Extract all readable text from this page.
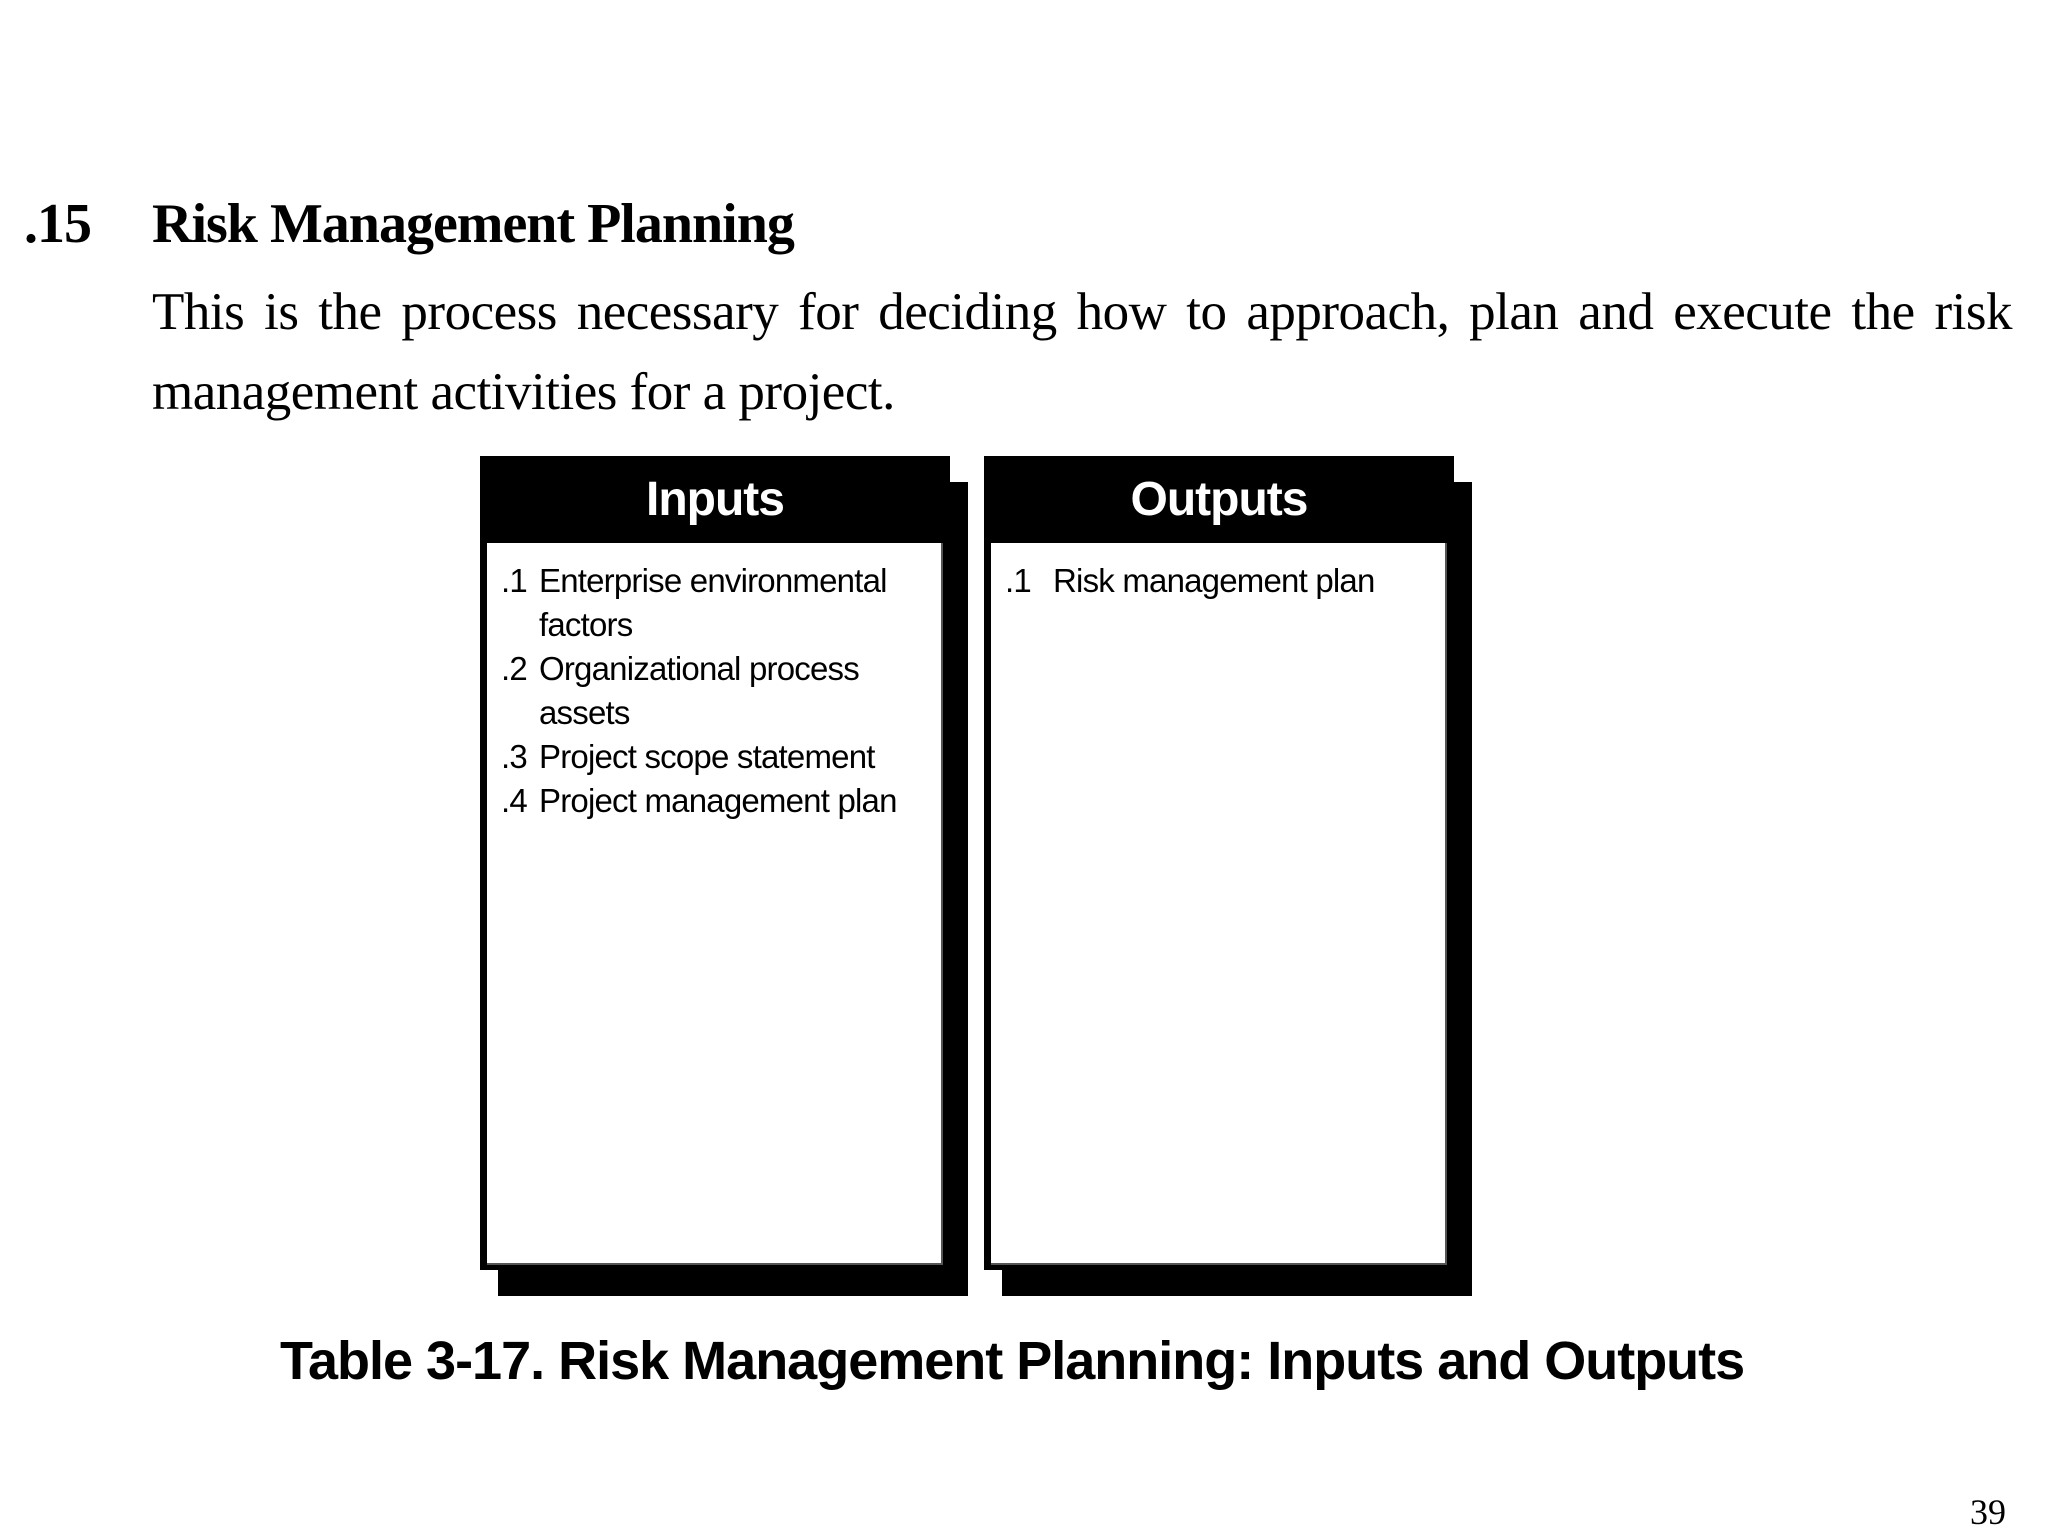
.15 Risk Management Planning
This is the process necessary for deciding how to approach, plan and execute the risk management activities for a project.
Inputs
.1 Enterprise environmental factors
.2 Organizational process assets
.3 Project scope statement
.4 Project management plan
Outputs
.1 Risk management plan
Table 3-17. Risk Management Planning: Inputs and Outputs
39
